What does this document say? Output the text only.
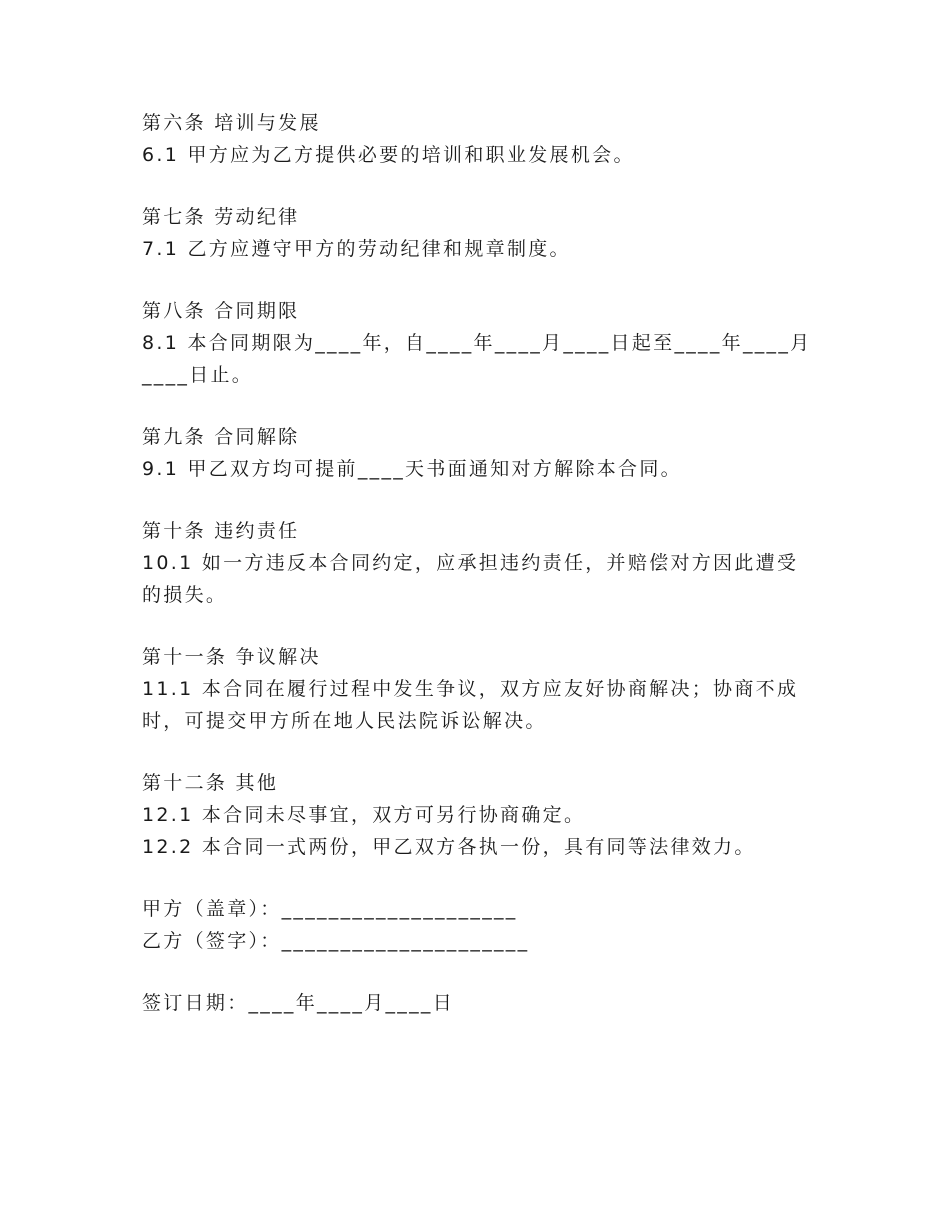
第六条 培训与发展
6.1 甲方应为乙方提供必要的培训和职业发展机会。
第七条 劳动纪律
7.1 乙方应遵守甲方的劳动纪律和规章制度。
第八条 合同期限
8.1 本合同期限为____年，自____年____月____日起至____年____月
____日止。
第九条 合同解除
9.1 甲乙双方均可提前____天书面通知对方解除本合同。
第十条 违约责任
10.1 如一方违反本合同约定，应承担违约责任，并赔偿对方因此遭受
的损失。
第十一条 争议解决
11.1 本合同在履行过程中发生争议，双方应友好协商解决；协商不成
时，可提交甲方所在地人民法院诉讼解决。
第十二条 其他
12.1 本合同未尽事宜，双方可另行协商确定。
12.2 本合同一式两份，甲乙双方各执一份，具有同等法律效力。
甲方（盖章）：____________________
乙方（签字）：_____________________
签订日期：____年____月____日
